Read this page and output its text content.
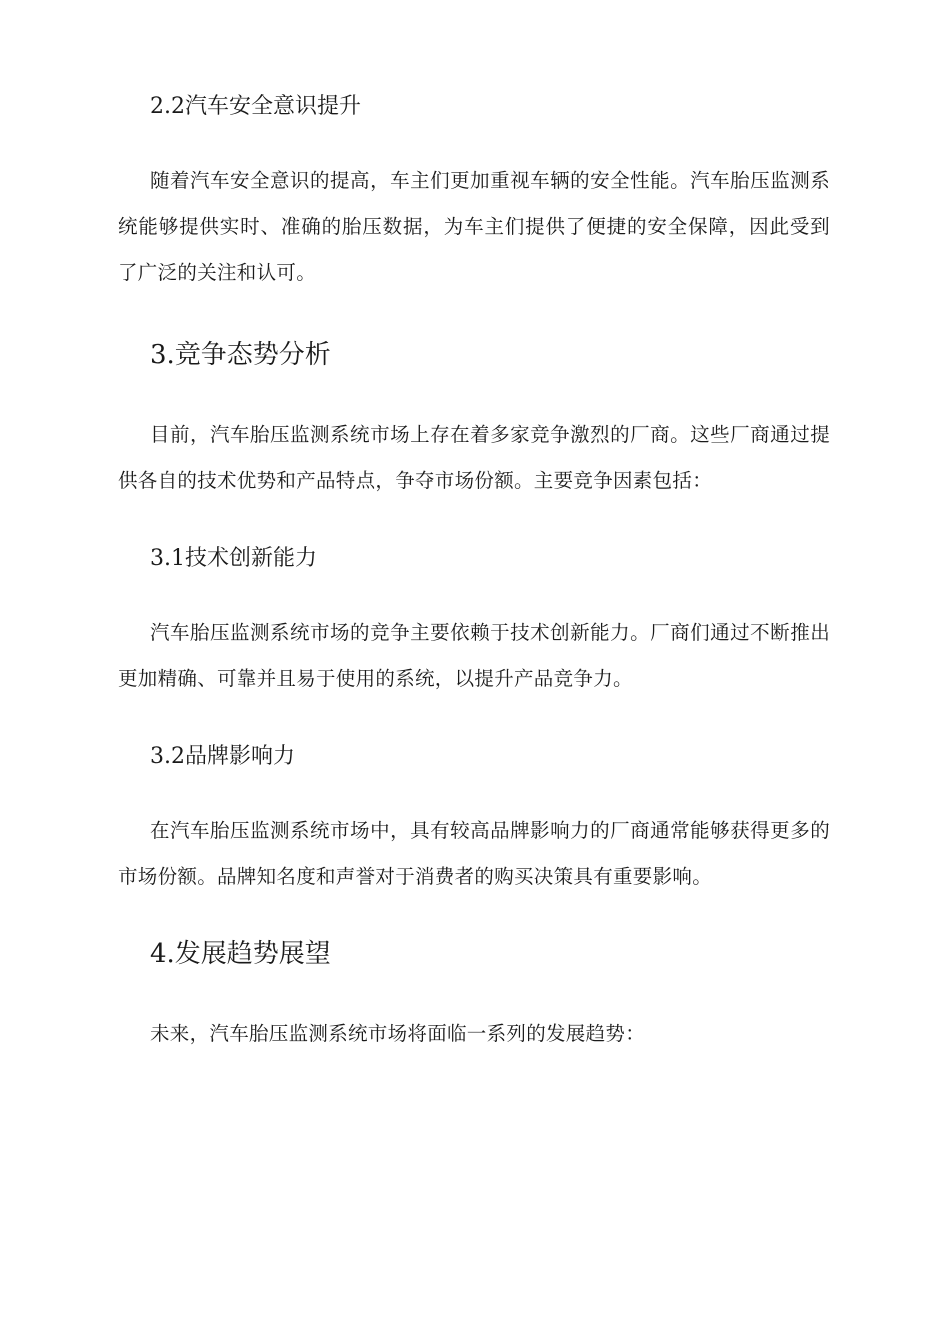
2.2汽车安全意识提升

随着汽车安全意识的提高，车主们更加重视车辆的安全性能。汽车胎压监测系统能够提供实时、准确的胎压数据，为车主们提供了便捷的安全保障，因此受到了广泛的关注和认可。

3.竞争态势分析

目前，汽车胎压监测系统市场上存在着多家竞争激烈的厂商。这些厂商通过提供各自的技术优势和产品特点，争夺市场份额。主要竞争因素包括：

3.1技术创新能力

汽车胎压监测系统市场的竞争主要依赖于技术创新能力。厂商们通过不断推出更加精确、可靠并且易于使用的系统，以提升产品竞争力。

3.2品牌影响力

在汽车胎压监测系统市场中，具有较高品牌影响力的厂商通常能够获得更多的市场份额。品牌知名度和声誉对于消费者的购买决策具有重要影响。

4.发展趋势展望

未来，汽车胎压监测系统市场将面临一系列的发展趋势：
